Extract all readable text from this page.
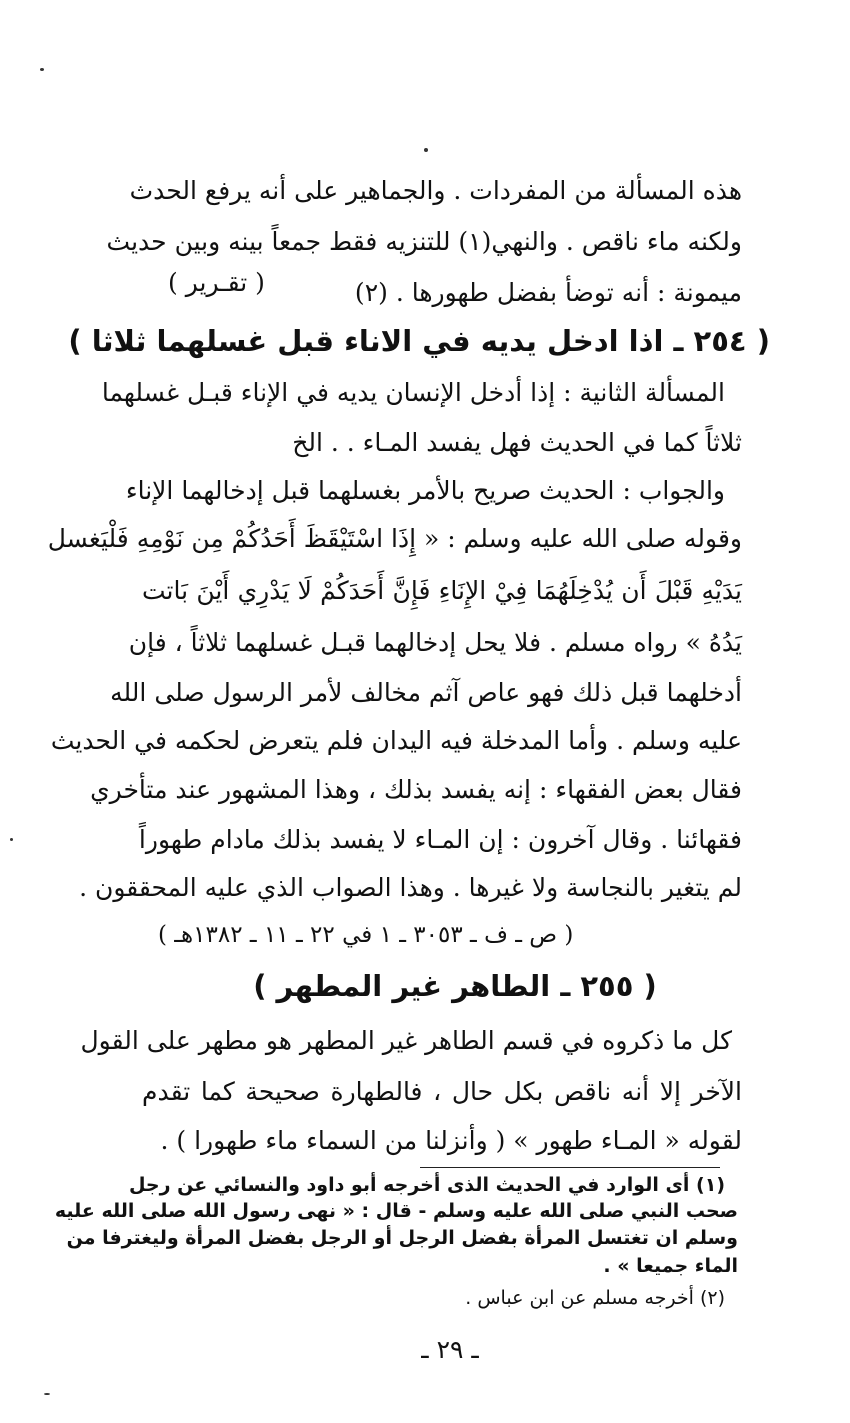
هذه المسألة من المفردات . والجماهير على أنه يرفع الحدث
ولكنه ماء ناقص . والنهي(١) للتنزيه فقط جمعاً بينه وبين حديث
ميمونة : أنه توضأ بفضل طهورها . (٢)
( تقـرير )
( ٢٥٤ ـ اذا ادخل يديه في الاناء قبل غسلهما ثلاثا )
المسألة الثانية : إذا أدخل الإنسان يديه في الإناء قبـل غسلهما
ثلاثاً كما في الحديث فهل يفسد المـاء . . الخ
والجواب : الحديث صريح بالأمر بغسلهما قبل إدخالهما الإناء
وقوله صلى الله عليه وسلم : « إِذَا اسْتَيْقَظَ أَحَدُكُمْ مِن نَوْمِهِ فَلْيَغسل
يَدَيْهِ قَبْلَ أَن يُدْخِلَهُمَا فِيْ الإِنَاءِ فَإِنَّ أَحَدَكُمْ لَا يَدْرِي أَيْنَ بَاتت
يَدُهُ » رواه مسلم . فلا يحل إدخالهما قبـل غسلهما ثلاثاً ، فإن
أدخلهما قبل ذلك فهو عاص آثم مخالف لأمر الرسول صلى الله
عليه وسلم . وأما المدخلة فيه اليدان فلم يتعرض لحكمه في الحديث
فقال بعض الفقهاء : إنه يفسد بذلك ، وهذا المشهور عند متأخري
فقهائنا . وقال آخرون : إن المـاء لا يفسد بذلك مادام طهوراً
لم يتغير بالنجاسة ولا غيرها . وهذا الصواب الذي عليه المحققون .
( ص ـ ف ـ ٣٠٥٣ ـ ١ في ٢٢ ـ ١١ ـ ١٣٨٢هـ )
( ٢٥٥ ـ الطاهر غير المطهر )
كل ما ذكروه في قسم الطاهر غير المطهر هو مطهر على القول
الآخر إلا أنه ناقص بكل حال ، فالطهارة صحيحة كما تقدم
لقوله « المـاء طهور » ( وأنزلنا من السماء ماء طهورا ) .
(١) أى الوارد في الحديث الذى أخرجه أبو داود والنسائي عن رجل
صحب النبي صلى الله عليه وسلم - قال : « نهى رسول الله صلى الله عليه
وسلم ان تغتسل المرأة بفضل الرجل أو الرجل بفضل المرأة وليغترفا من
الماء جميعا » .
(٢) أخرجه مسلم عن ابن عباس .
ـ ٢٩ ـ
